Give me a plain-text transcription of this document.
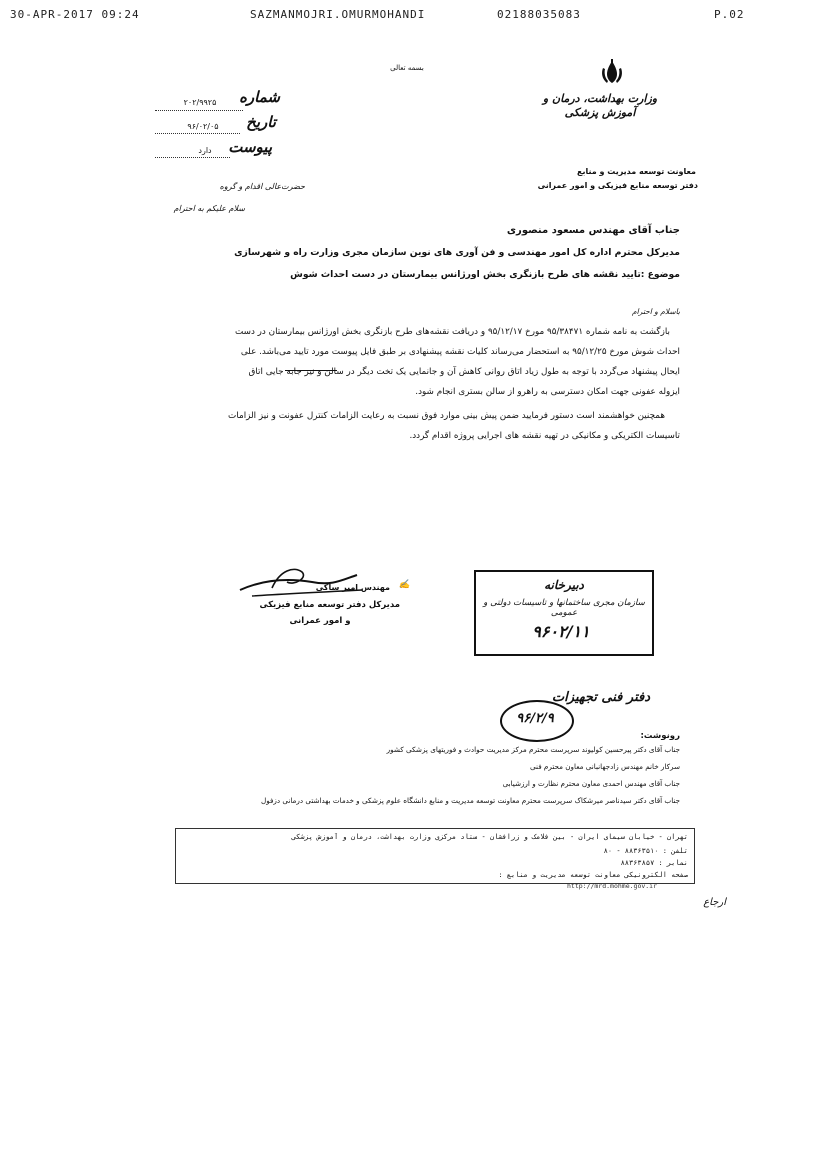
30-APR-2017 09:24	SAZMANMOJRI.OMURMOHANDI	02188035083	P.02
بسمه تعالی
وزارت بهداشت، درمان و آموزش پزشکی
معاونت توسعه مدیریت و منابع
دفتر توسعه منابع فیزیکی و امور عمرانی
شماره
۲۰۲/۹۹۲۵
تاریخ
۹۶/۰۲/۰۵
پیوست
دارد
حضرت‌عالی‌ اقدام‌ و گروه
سلام علیکم به احترام
جناب آقای مهندس مسعود منصوری
مدیرکل محترم اداره کل امور مهندسی و فن آوری های نوین سازمان مجری وزارت راه و شهرسازی
موضوع :تایید نقشه های طرح بازنگری بخش اورژانس بیمارستان در دست احداث شوش
باسلام و احترام
بازگشت به نامه شماره ۹۵/۳۸۴۷۱ مورخ ۹۵/۱۲/۱۷ و دریافت نقشه‌های طرح بازنگری بخش اورژانس بیمارستان در دست
احداث شوش مورخ ۹۵/۱۲/۲۵ به استحضار می‌رساند کلیات نقشه پیشنهادی بر طبق فایل پیوست مورد تایید می‌باشد. علی
ایحال پیشنهاد می‌گردد با توجه به طول زیاد اتاق روانی کاهش آن و جانمایی یک تخت دیگر در سالن و نیز جابه جایی اتاق
ایزوله عفونی جهت امکان دسترسی به راهرو از سالن بستری انجام شود.
همچنین خواهشمند است دستور فرمایید ضمن پیش بینی موارد فوق نسبت به رعایت الزامات کنترل عفونت و نیز الزامات
تاسیسات الکتریکی و مکانیکی در تهیه نقشه های اجرایی پروژه اقدام گردد.
✍
مهندس امیر ساکی
مدیرکل دفتر توسعه منابع فیزیکی
و امور عمرانی
دبیرخانه
سازمان مجری ساختمانها و تاسیسات دولتی و عمومی
۹۶۰۲/۱۱
دفتر فنی تجهیزات
۹۶/۲/۹
رونوشت:
جناب آقای دکتر پیرحسین کولیوند سرپرست محترم مرکز مدیریت حوادث و فوریتهای پزشکی کشور
سرکار خانم مهندس زادجهانبانی معاون محترم فنی
جناب آقای مهندس احمدی معاون محترم نظارت و ارزشیابی
جناب آقای دکتر سیدناصر میرشکاک سرپرست محترم معاونت توسعه مدیریت و منابع دانشگاه علوم پزشکی و خدمات بهداشتی درمانی دزفول
تهران - خیابان سیمای ایران - بین فلامک و زرافشان - ستاد مرکزی وزارت بهداشت، درمان و آموزش پزشکی
تلفن : ۸۸۳۶۳۵۱۰ - ۸۰
نمابر : ۸۸۳۶۳۸۵۷
صفحه الکترونیکی معاونت توسعه مدیریت و منابع :
http://mrd.mohme.gov.ir
ارجاع
